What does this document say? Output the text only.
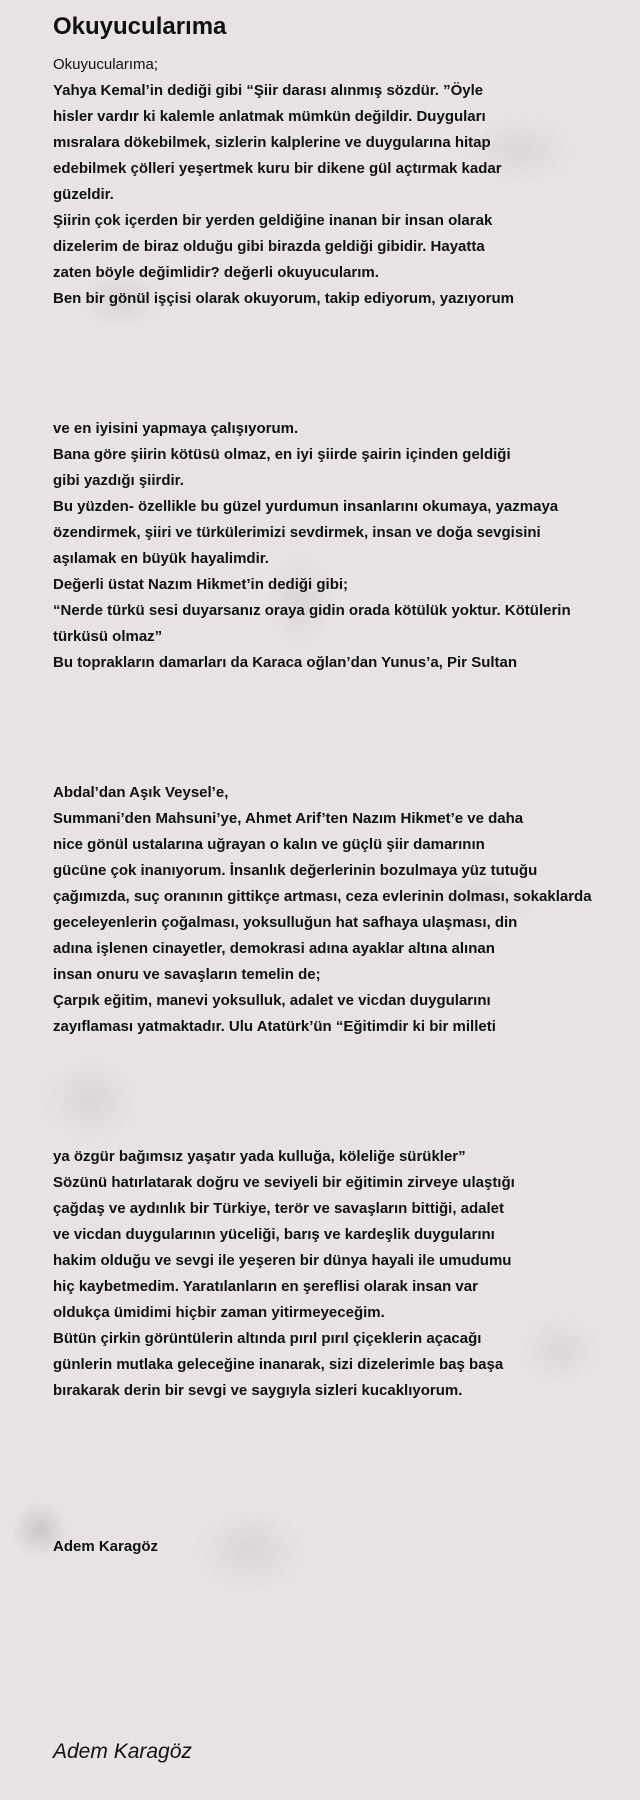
Okuyucularıma
Okuyucularıma;
Yahya Kemal’in dediği gibi “Şiir darası alınmış sözdür. ”Öyle
hisler vardır ki kalemle anlatmak mümkün değildir. Duyguları
mısralara dökebilmek, sizlerin kalplerine ve duygularına hitap
edebilmek çölleri yeşertmek kuru bir dikene gül açtırmak kadar
güzeldir.
Şiirin çok içerden bir yerden geldiğine inanan bir insan olarak
dizelerim de biraz olduğu gibi birazda geldiği gibidir. Hayatta
zaten böyle değimlidir? değerli okuyucularım.
Ben bir gönül işçisi olarak okuyorum, takip ediyorum, yazıyorum
ve en iyisini yapmaya çalışıyorum.
Bana göre şiirin kötüsü olmaz, en iyi şiirde şairin içinden geldiği
gibi yazdığı şiirdir.
Bu yüzden- özellikle bu güzel yurdumun insanlarını okumaya, yazmaya
özendirmek, şiiri ve türkülerimizi sevdirmek, insan ve doğa sevgisini
aşılamak en büyük hayalimdir.
Değerli üstat Nazım Hikmet’in dediği gibi;
“Nerde türkü sesi duyarsanız oraya gidin orada kötülük yoktur. Kötülerin
türküsü olmaz”
Bu toprakların damarları da Karaca oğlan’dan Yunus’a, Pir Sultan
Abdal’dan Aşık Veysel’e,
Summani’den Mahsuni’ye, Ahmet Arif’ten Nazım Hikmet’e ve daha
nice gönül ustalarına uğrayan o kalın ve güçlü şiir damarının
gücüne çok inanıyorum. İnsanlık değerlerinin bozulmaya yüz tutuğu
çağımızda, suç oranının gittikçe artması, ceza evlerinin dolması, sokaklarda
geceleyenlerin çoğalması, yoksulluğun hat safhaya ulaşması, din
adına işlenen cinayetler, demokrasi adına ayaklar altına alınan
insan onuru ve savaşların temelin de;
Çarpık eğitim, manevi yoksulluk, adalet ve vicdan duygularını
zayıflaması yatmaktadır. Ulu Atatürk’ün “Eğitimdir ki bir milleti
ya özgür bağımsız yaşatır yada kulluğa, köleliğe sürükler”
Sözünü hatırlatarak doğru ve seviyeli bir eğitimin zirveye ulaştığı
çağdaş ve aydınlık bir Türkiye, terör ve savaşların bittiği, adalet
ve vicdan duygularının yüceliği, barış ve kardeşlik duygularını
hakim olduğu ve sevgi ile yeşeren bir dünya hayali ile umudumu
hiç kaybetmedim. Yaratılanların en şereflisi olarak insan var
oldukça ümidimi hiçbir zaman yitirmeyeceğim.
Bütün çirkin görüntülerin altında pırıl pırıl çiçeklerin açacağı
günlerin mutlaka geleceğine inanarak, sizi dizelerimle baş başa
bırakarak derin bir sevgi ve saygıyla sizleri kucaklıyorum.
Adem Karagöz
Adem Karagöz
